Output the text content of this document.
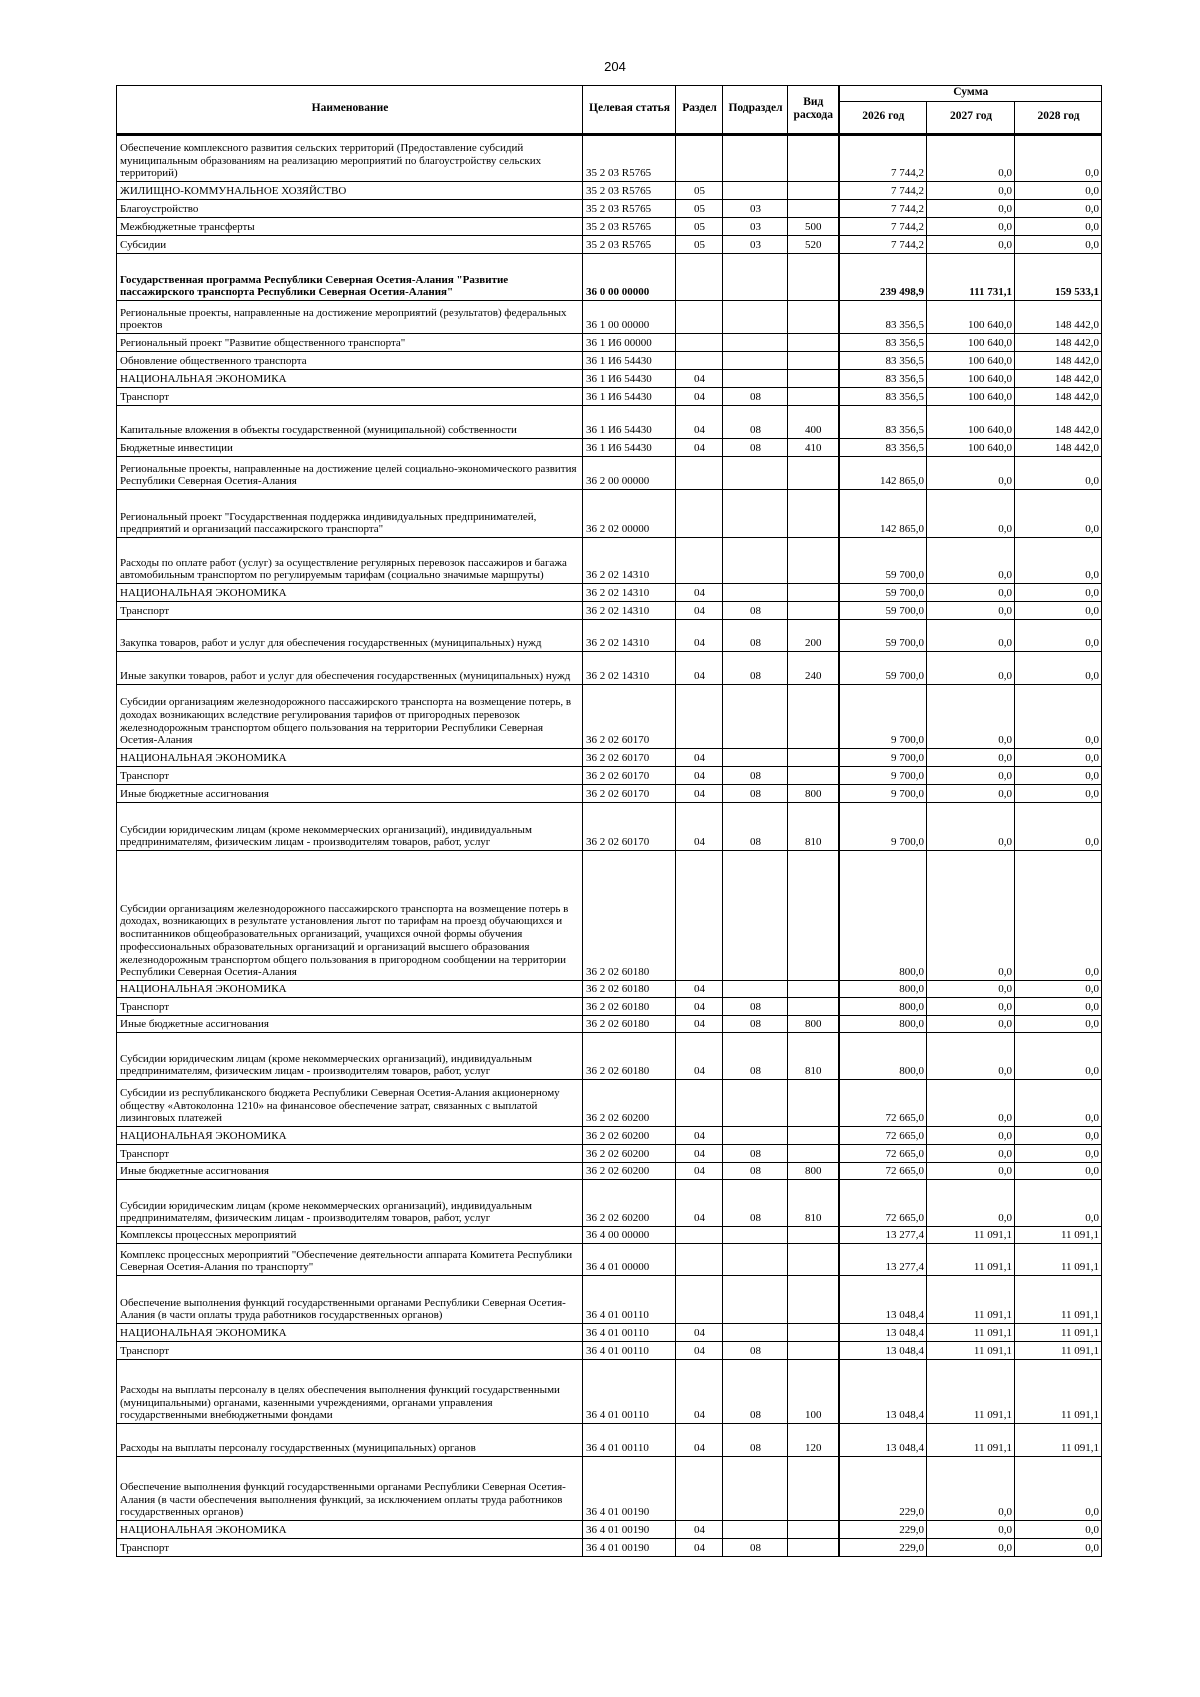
204
Наименование	Целевая статья	Раздел	Подраздел	Вид расхода	Сумма		
					2026 год	2027 год	2028 год
Обеспечение комплексного развития сельских территорий (Предоставление субсидий муниципальным образованиям на реализацию мероприятий по благоустройству сельских территорий)	35 2 03 R5765				7 744,2	0,0	0,0
ЖИЛИЩНО-КОММУНАЛЬНОЕ ХОЗЯЙСТВО	35 2 03 R5765	05			7 744,2	0,0	0,0
Благоустройство	35 2 03 R5765	05	03		7 744,2	0,0	0,0
Межбюджетные трансферты	35 2 03 R5765	05	03	500	7 744,2	0,0	0,0
Субсидии	35 2 03 R5765	05	03	520	7 744,2	0,0	0,0
Государственная программа Республики Северная Осетия-Алания "Развитие пассажирского транспорта Республики Северная Осетия-Алания"	36 0 00 00000				239 498,9	111 731,1	159 533,1
Региональные проекты, направленные на достижение мероприятий (результатов) федеральных проектов	36 1 00 00000				83 356,5	100 640,0	148 442,0
Региональный проект "Развитие общественного транспорта"	36 1 И6 00000				83 356,5	100 640,0	148 442,0
Обновление общественного транспорта	36 1 И6 54430				83 356,5	100 640,0	148 442,0
НАЦИОНАЛЬНАЯ ЭКОНОМИКА	36 1 И6 54430	04			83 356,5	100 640,0	148 442,0
Транспорт	36 1 И6 54430	04	08		83 356,5	100 640,0	148 442,0
Капитальные вложения в объекты государственной (муниципальной) собственности	36 1 И6 54430	04	08	400	83 356,5	100 640,0	148 442,0
Бюджетные инвестиции	36 1 И6 54430	04	08	410	83 356,5	100 640,0	148 442,0
Региональные проекты, направленные на достижение целей социально-экономического развития Республики Северная Осетия-Алания	36 2 00 00000				142 865,0	0,0	0,0
Региональный проект "Государственная поддержка индивидуальных предпринимателей, предприятий и организаций пассажирского транспорта"	36 2 02 00000				142 865,0	0,0	0,0
Расходы по оплате работ (услуг) за осуществление регулярных перевозок пассажиров и багажа автомобильным транспортом по регулируемым тарифам (социально значимые маршруты)	36 2 02 14310				59 700,0	0,0	0,0
НАЦИОНАЛЬНАЯ ЭКОНОМИКА	36 2 02 14310	04			59 700,0	0,0	0,0
Транспорт	36 2 02 14310	04	08		59 700,0	0,0	0,0
Закупка товаров, работ и услуг для обеспечения государственных (муниципальных) нужд	36 2 02 14310	04	08	200	59 700,0	0,0	0,0
Иные закупки товаров, работ и услуг для обеспечения государственных (муниципальных) нужд	36 2 02 14310	04	08	240	59 700,0	0,0	0,0
Субсидии организациям железнодорожного пассажирского транспорта на возмещение потерь, в доходах возникающих вследствие регулирования тарифов от пригородных перевозок железнодорожным транспортом общего пользования на территории Республики Северная Осетия-Алания	36 2 02 60170				9 700,0	0,0	0,0
НАЦИОНАЛЬНАЯ ЭКОНОМИКА	36 2 02 60170	04			9 700,0	0,0	0,0
Транспорт	36 2 02 60170	04	08		9 700,0	0,0	0,0
Иные бюджетные ассигнования	36 2 02 60170	04	08	800	9 700,0	0,0	0,0
Субсидии юридическим лицам (кроме некоммерческих организаций), индивидуальным предпринимателям, физическим лицам - производителям товаров, работ, услуг	36 2 02 60170	04	08	810	9 700,0	0,0	0,0
Субсидии организациям железнодорожного пассажирского транспорта на возмещение потерь в доходах, возникающих в результате установления льгот по тарифам на проезд обучающихся и воспитанников общеобразовательных организаций, учащихся очной формы обучения профессиональных образовательных организаций и организаций высшего образования железнодорожным транспортом общего пользования в пригородном сообщении на территории Республики Северная Осетия-Алания	36 2 02 60180				800,0	0,0	0,0
НАЦИОНАЛЬНАЯ ЭКОНОМИКА	36 2 02 60180	04			800,0	0,0	0,0
Транспорт	36 2 02 60180	04	08		800,0	0,0	0,0
Иные бюджетные ассигнования	36 2 02 60180	04	08	800	800,0	0,0	0,0
Субсидии юридическим лицам (кроме некоммерческих организаций), индивидуальным предпринимателям, физическим лицам - производителям товаров, работ, услуг	36 2 02 60180	04	08	810	800,0	0,0	0,0
Субсидии из республиканского бюджета Республики Северная Осетия-Алания акционерному обществу «Автоколонна 1210» на финансовое обеспечение затрат, связанных с выплатой лизинговых платежей	36 2 02 60200				72 665,0	0,0	0,0
НАЦИОНАЛЬНАЯ ЭКОНОМИКА	36 2 02 60200	04			72 665,0	0,0	0,0
Транспорт	36 2 02 60200	04	08		72 665,0	0,0	0,0
Иные бюджетные ассигнования	36 2 02 60200	04	08	800	72 665,0	0,0	0,0
Субсидии юридическим лицам (кроме некоммерческих организаций), индивидуальным предпринимателям, физическим лицам - производителям товаров, работ, услуг	36 2 02 60200	04	08	810	72 665,0	0,0	0,0
Комплексы процессных мероприятий	36 4 00 00000				13 277,4	11 091,1	11 091,1
Комплекс процессных мероприятий "Обеспечение деятельности аппарата Комитета Республики Северная Осетия-Алания по транспорту"	36 4 01 00000				13 277,4	11 091,1	11 091,1
Обеспечение выполнения функций государственными органами Республики Северная Осетия-Алания (в части оплаты труда работников государственных органов)	36 4 01 00110				13 048,4	11 091,1	11 091,1
НАЦИОНАЛЬНАЯ ЭКОНОМИКА	36 4 01 00110	04			13 048,4	11 091,1	11 091,1
Транспорт	36 4 01 00110	04	08		13 048,4	11 091,1	11 091,1
Расходы на выплаты персоналу в целях обеспечения выполнения функций государственными (муниципальными) органами, казенными учреждениями, органами управления государственными внебюджетными фондами	36 4 01 00110	04	08	100	13 048,4	11 091,1	11 091,1
Расходы на выплаты персоналу государственных (муниципальных) органов	36 4 01 00110	04	08	120	13 048,4	11 091,1	11 091,1
Обеспечение выполнения функций государственными органами Республики Северная Осетия-Алания (в части обеспечения выполнения функций, за исключением оплаты труда работников государственных органов)	36 4 01 00190				229,0	0,0	0,0
НАЦИОНАЛЬНАЯ ЭКОНОМИКА	36 4 01 00190	04			229,0	0,0	0,0
Транспорт	36 4 01 00190	04	08		229,0	0,0	0,0
